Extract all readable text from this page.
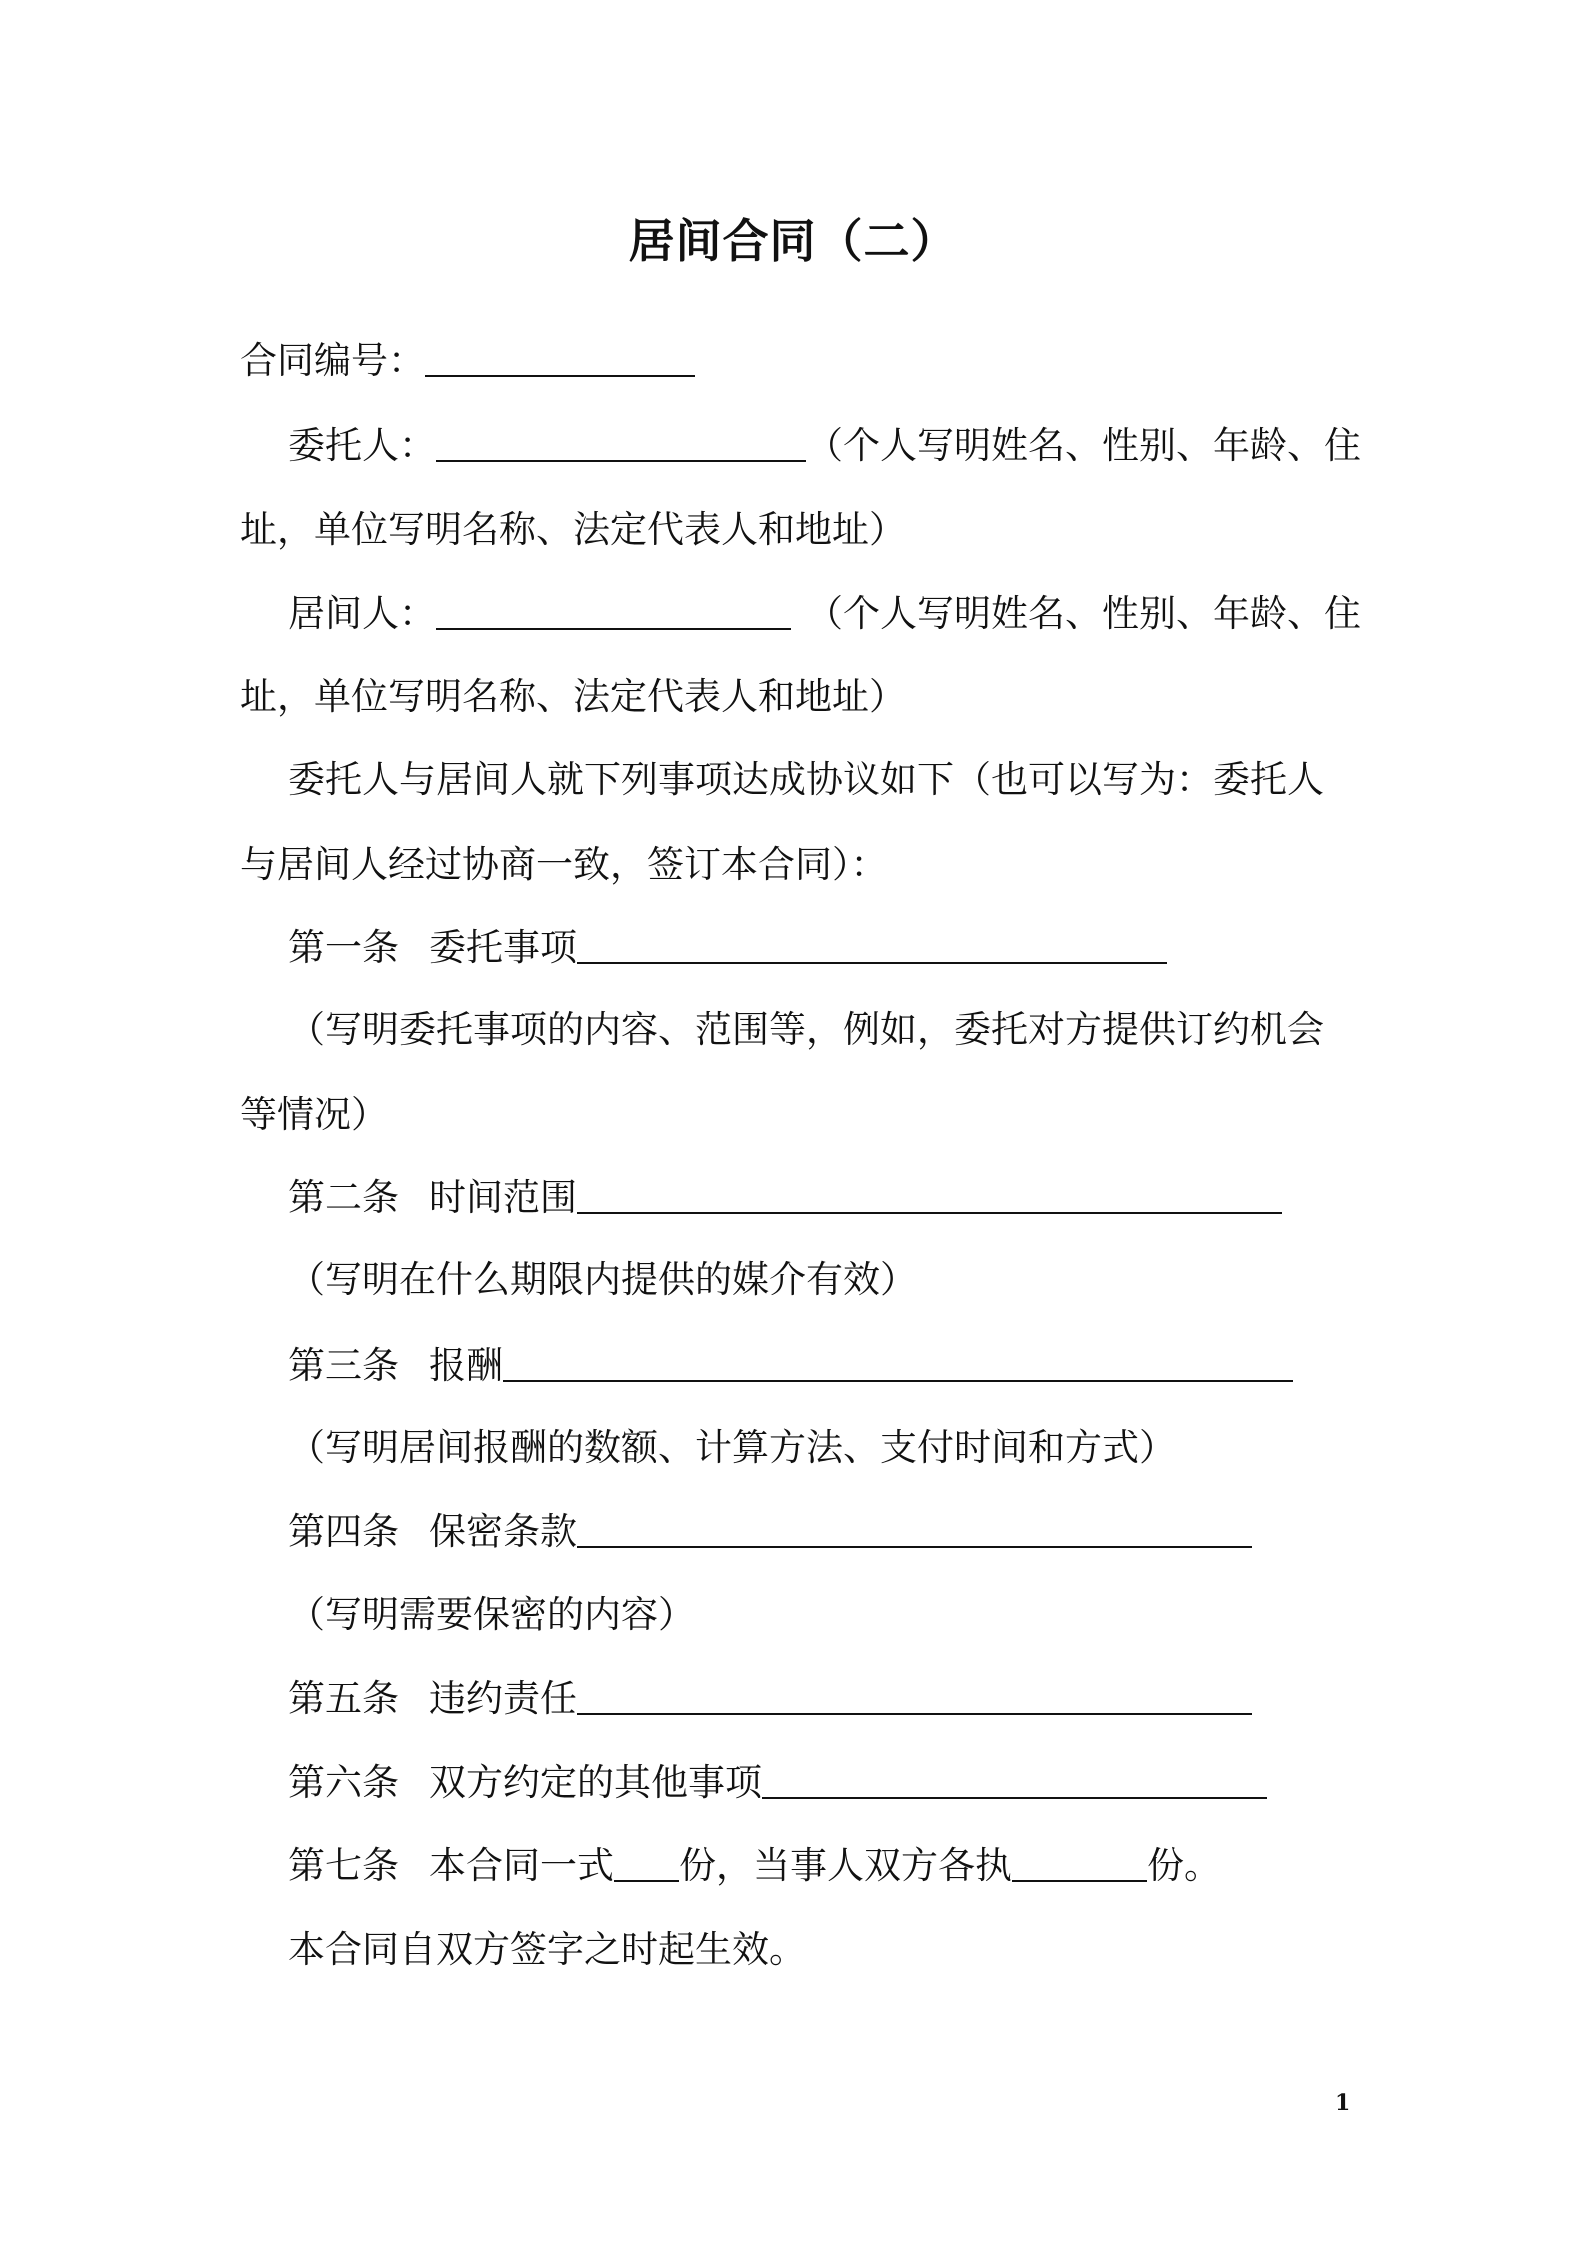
居间合同（二）
合同编号：
委托人：	（个人写明姓名、性别、年龄、住
址，单位写明名称、法定代表人和地址）
居间人：	（个人写明姓名、性别、年龄、住
址，单位写明名称、法定代表人和地址）
委托人与居间人就下列事项达成协议如下（也可以写为：委托人
与居间人经过协商一致，签订本合同）：
第一条 委托事项
（写明委托事项的内容、范围等，例如，委托对方提供订约机会
等情况）
第二条 时间范围
（写明在什么期限内提供的媒介有效）
第三条 报酬
（写明居间报酬的数额、计算方法、支付时间和方式）
第四条 保密条款
（写明需要保密的内容）
第五条 违约责任
第六条 双方约定的其他事项
第七条 本合同一式 份，当事人双方各执	份。
本合同自双方签字之时起生效。
1
